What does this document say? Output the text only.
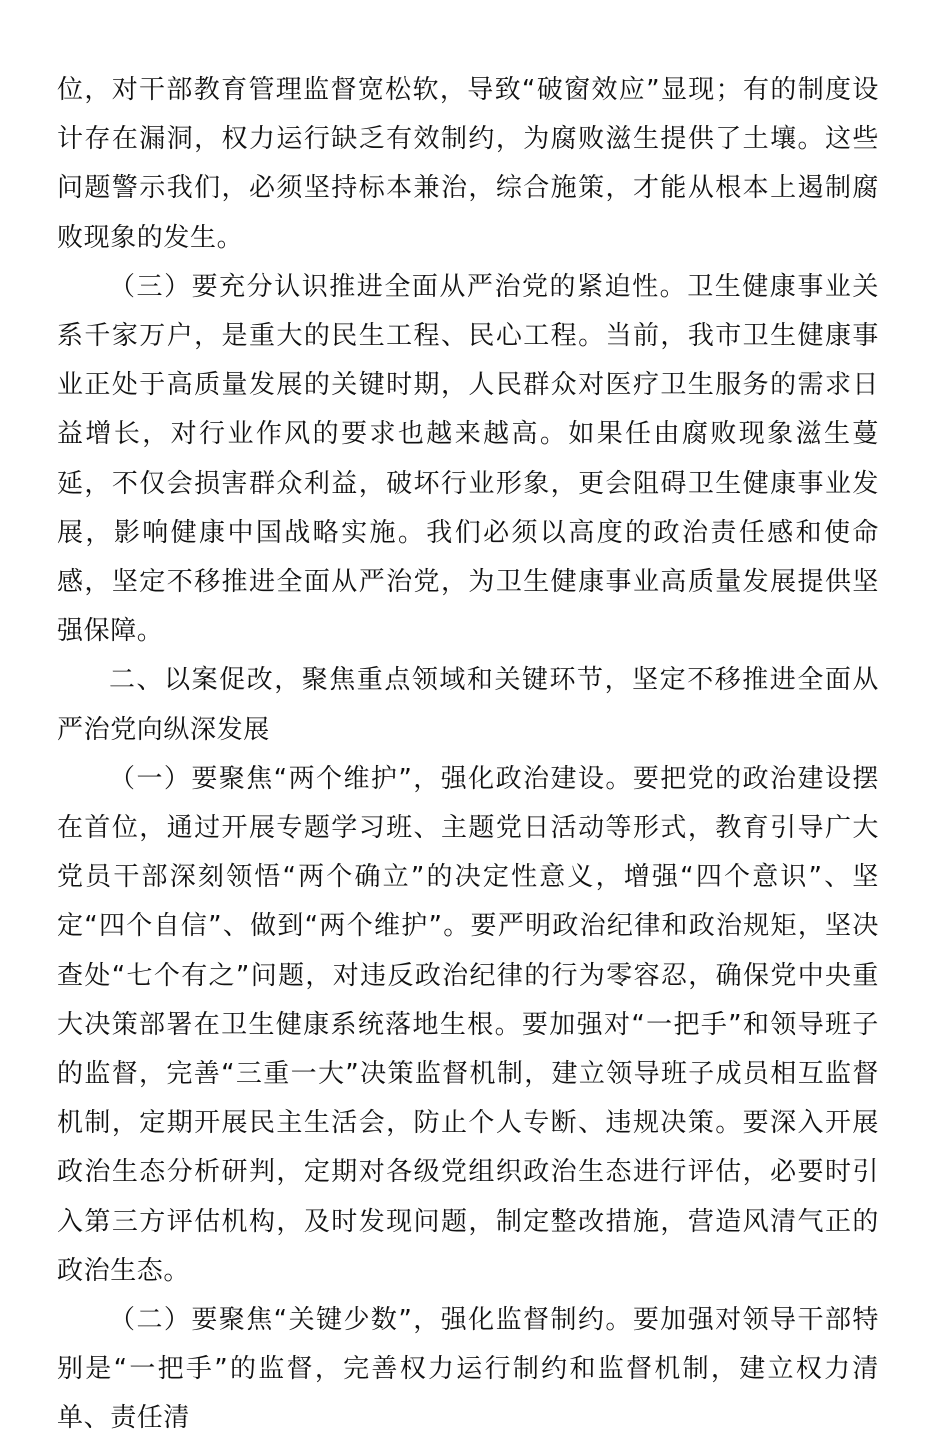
位，对干部教育管理监督宽松软，导致“破窗效应”显现；有的制度设计存在漏洞，权力运行缺乏有效制约，为腐败滋生提供了土壤。这些问题警示我们，必须坚持标本兼治，综合施策，才能从根本上遏制腐败现象的发生。

（三）要充分认识推进全面从严治党的紧迫性。卫生健康事业关系千家万户，是重大的民生工程、民心工程。当前，我市卫生健康事业正处于高质量发展的关键时期，人民群众对医疗卫生服务的需求日益增长，对行业作风的要求也越来越高。如果任由腐败现象滋生蔓延，不仅会损害群众利益，破坏行业形象，更会阻碍卫生健康事业发展，影响健康中国战略实施。我们必须以高度的政治责任感和使命感，坚定不移推进全面从严治党，为卫生健康事业高质量发展提供坚强保障。

二、以案促改，聚焦重点领域和关键环节，坚定不移推进全面从严治党向纵深发展

（一）要聚焦“两个维护”，强化政治建设。要把党的政治建设摆在首位，通过开展专题学习班、主题党日活动等形式，教育引导广大党员干部深刻领悟“两个确立”的决定性意义，增强“四个意识”、坚定“四个自信”、做到“两个维护”。要严明政治纪律和政治规矩，坚决查处“七个有之”问题，对违反政治纪律的行为零容忍，确保党中央重大决策部署在卫生健康系统落地生根。要加强对“一把手”和领导班子的监督，完善“三重一大”决策监督机制，建立领导班子成员相互监督机制，定期开展民主生活会，防止个人专断、违规决策。要深入开展政治生态分析研判，定期对各级党组织政治生态进行评估，必要时引入第三方评估机构，及时发现问题，制定整改措施，营造风清气正的政治生态。

（二）要聚焦“关键少数”，强化监督制约。要加强对领导干部特别是“一把手”的监督，完善权力运行制约和监督机制，建立权力清单、责任清
